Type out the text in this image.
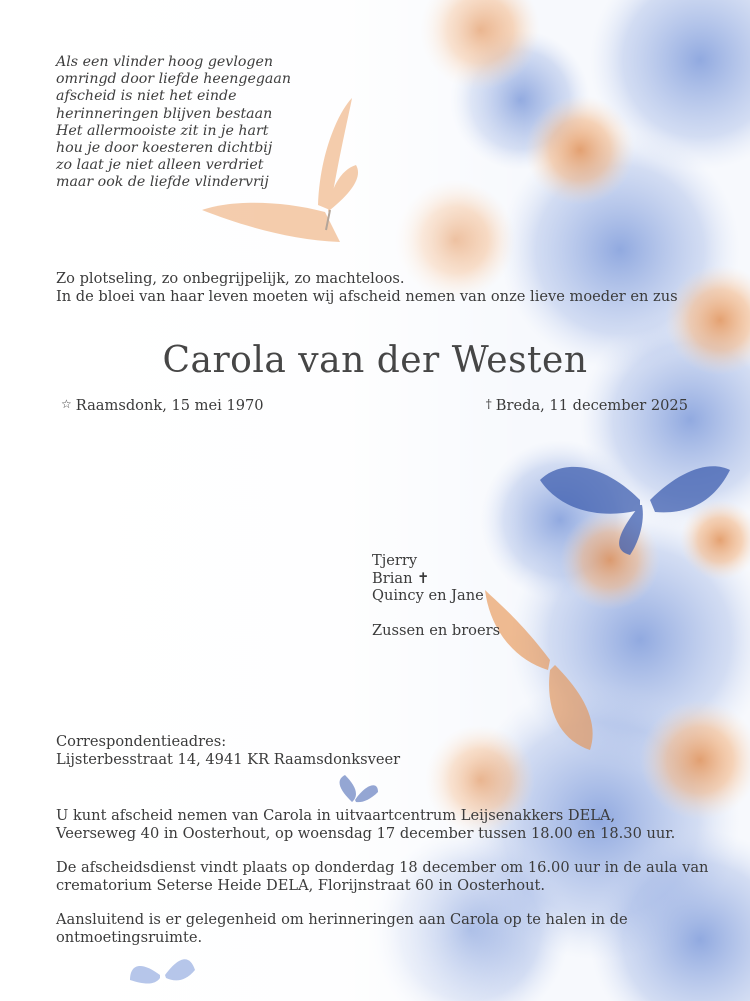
Als een vlinder hoog gevlogen
omringd door liefde heengegaan
afscheid is niet het einde
herinneringen blijven bestaan
Het allermooiste zit in je hart
hou je door koesteren dichtbij
zo laat je niet alleen verdriet
maar ook de liefde vlindervrij
Zo plotseling, zo onbegrijpelijk, zo machteloos.
In de bloei van haar leven moeten wij afscheid nemen van onze lieve moeder en zus
Carola van der Westen
☆ Raamsdonk, 15 mei 1970	† Breda, 11 december 2025
Tjerry
Brian ✝
Quincy en Jane
Zussen en broers
Correspondentieadres:
Lijsterbesstraat 14, 4941 KR Raamsdonksveer

U kunt afscheid nemen van Carola in uitvaartcentrum Leijsenakkers DELA,
Veerseweg 40 in Oosterhout, op woensdag 17 december tussen 18.00 en 18.30 uur.

De afscheidsdienst vindt plaats op donderdag 18 december om 16.00 uur in de aula van
crematorium Seterse Heide DELA, Florijnstraat 60 in Oosterhout.

Aansluitend is er gelegenheid om herinneringen aan Carola op te halen in de
ontmoetingsruimte.
